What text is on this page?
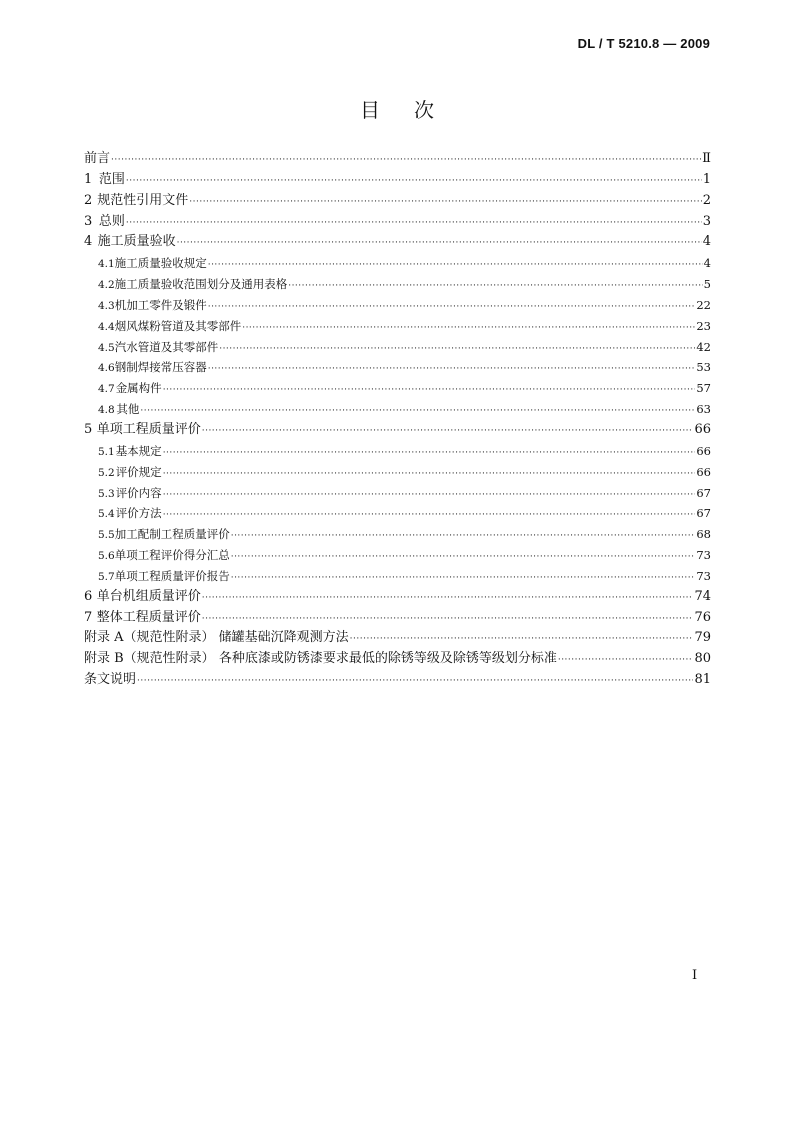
DL / T 5210.8 — 2009
目 次
前言 ·····	Ⅱ
1 范围 ·····	1
2 规范性引用文件 ·····	2
3 总则 ·····	3
4 施工质量验收 ·····	4
4.1 施工质量验收规定 ·····	4
4.2 施工质量验收范围划分及通用表格 ·····	5
4.3 机加工零件及锻件 ·····	22
4.4 烟风煤粉管道及其零部件 ·····	23
4.5 汽水管道及其零部件 ·····	42
4.6 钢制焊接常压容器 ·····	53
4.7 金属构件 ·····	57
4.8 其他 ·····	63
5 单项工程质量评价 ·····	66
5.1 基本规定 ·····	66
5.2 评价规定 ·····	66
5.3 评价内容 ·····	67
5.4 评价方法 ·····	67
5.5 加工配制工程质量评价 ·····	68
5.6 单项工程评价得分汇总 ·····	73
5.7 单项工程质量评价报告 ·····	73
6 单台机组质量评价 ·····	74
7 整体工程质量评价 ·····	76
附录 A（规范性附录） 储罐基础沉降观测方法 ·····	79
附录 B（规范性附录） 各种底漆或防锈漆要求最低的除锈等级及除锈等级划分标准 ·····	80
条文说明 ·····	81
I
